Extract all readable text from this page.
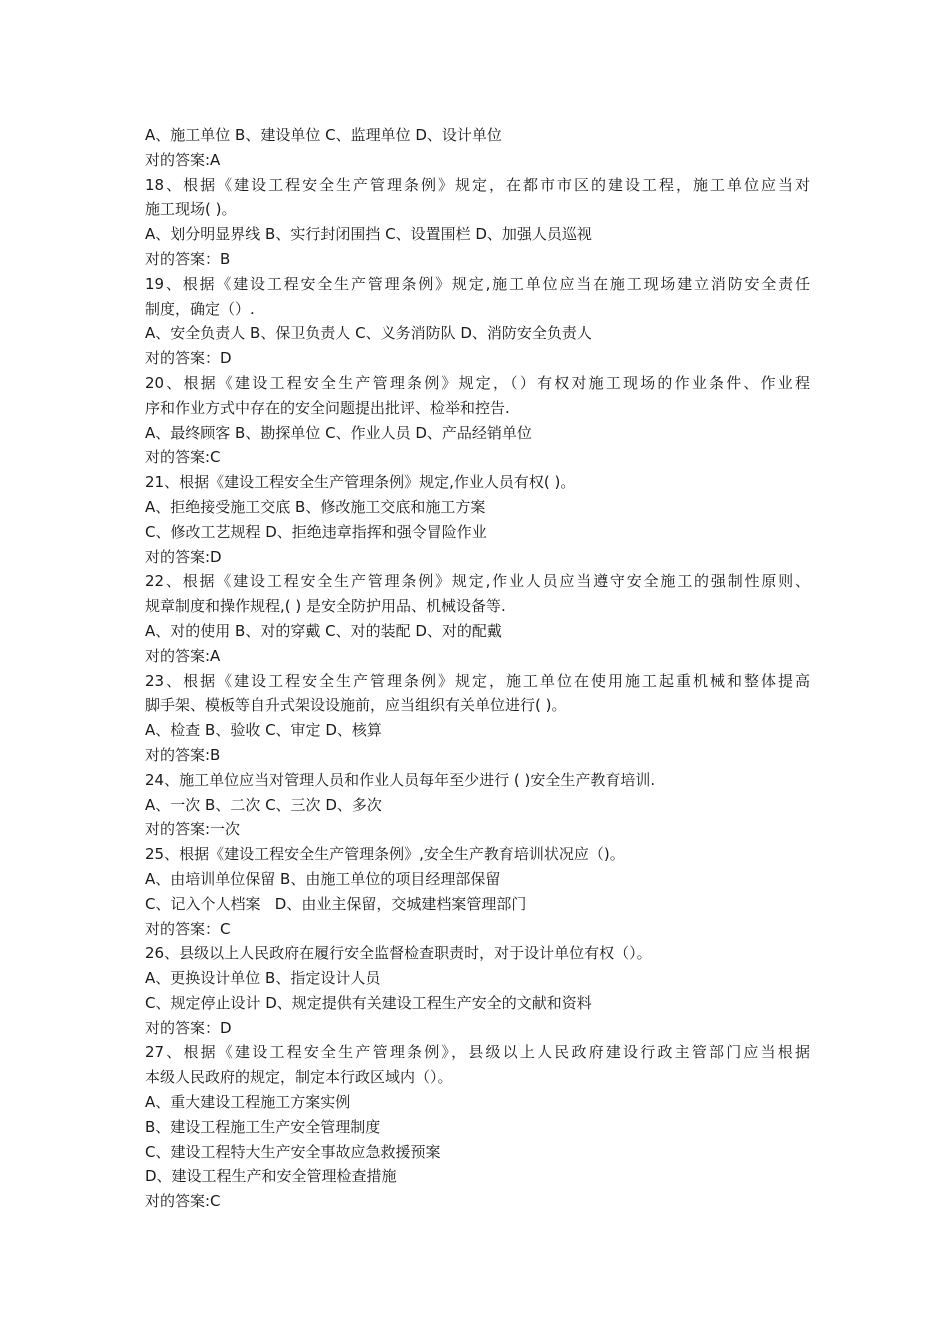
A、施工单位 B、建设单位 C、监理单位 D、设计单位
对的答案:A
18、根据《建设工程安全生产管理条例》规定，在都市市区的建设工程，施工单位应当对
施工现场( )。
A、划分明显界线 B、实行封闭围挡 C、设置围栏 D、加强人员巡视
对的答案：B
19、根据《建设工程安全生产管理条例》规定,施工单位应当在施工现场建立消防安全责任
制度，确定（）.
A、安全负责人 B、保卫负责人 C、义务消防队 D、消防安全负责人
对的答案：D
20、根据《建设工程安全生产管理条例》规定，（）有权对施工现场的作业条件、作业程
序和作业方式中存在的安全问题提出批评、检举和控告.
A、最终顾客 B、勘探单位 C、作业人员 D、产品经销单位
对的答案:C
21、根据《建设工程安全生产管理条例》规定,作业人员有权( )。
A、拒绝接受施工交底 B、修改施工交底和施工方案
C、修改工艺规程 D、拒绝违章指挥和强令冒险作业
对的答案:D
22、根据《建设工程安全生产管理条例》规定,作业人员应当遵守安全施工的强制性原则、
规章制度和操作规程,( ) 是安全防护用品、机械设备等.
A、对的使用 B、对的穿戴 C、对的装配 D、对的配戴
对的答案:A
23、根据《建设工程安全生产管理条例》规定，施工单位在使用施工起重机械和整体提高
脚手架、模板等自升式架设设施前，应当组织有关单位进行( )。
A、检查 B、验收 C、审定 D、核算
对的答案:B
24、施工单位应当对管理人员和作业人员每年至少进行 ( )安全生产教育培训.
A、一次 B、二次 C、三次 D、多次
对的答案:一次
25、根据《建设工程安全生产管理条例》,安全生产教育培训状况应（)。
A、由培训单位保留 B、由施工单位的项目经理部保留
C、记入个人档案   D、由业主保留，交城建档案管理部门
对的答案：C
26、县级以上人民政府在履行安全监督检查职责时，对于设计单位有权（）。
A、更换设计单位 B、指定设计人员
C、规定停止设计 D、规定提供有关建设工程生产安全的文献和资料
对的答案：D
27、根据《建设工程安全生产管理条例》，县级以上人民政府建设行政主管部门应当根据
本级人民政府的规定，制定本行政区域内（）。
A、重大建设工程施工方案实例
B、建设工程施工生产安全管理制度
C、建设工程特大生产安全事故应急救援预案
D、建设工程生产和安全管理检查措施
对的答案:C
